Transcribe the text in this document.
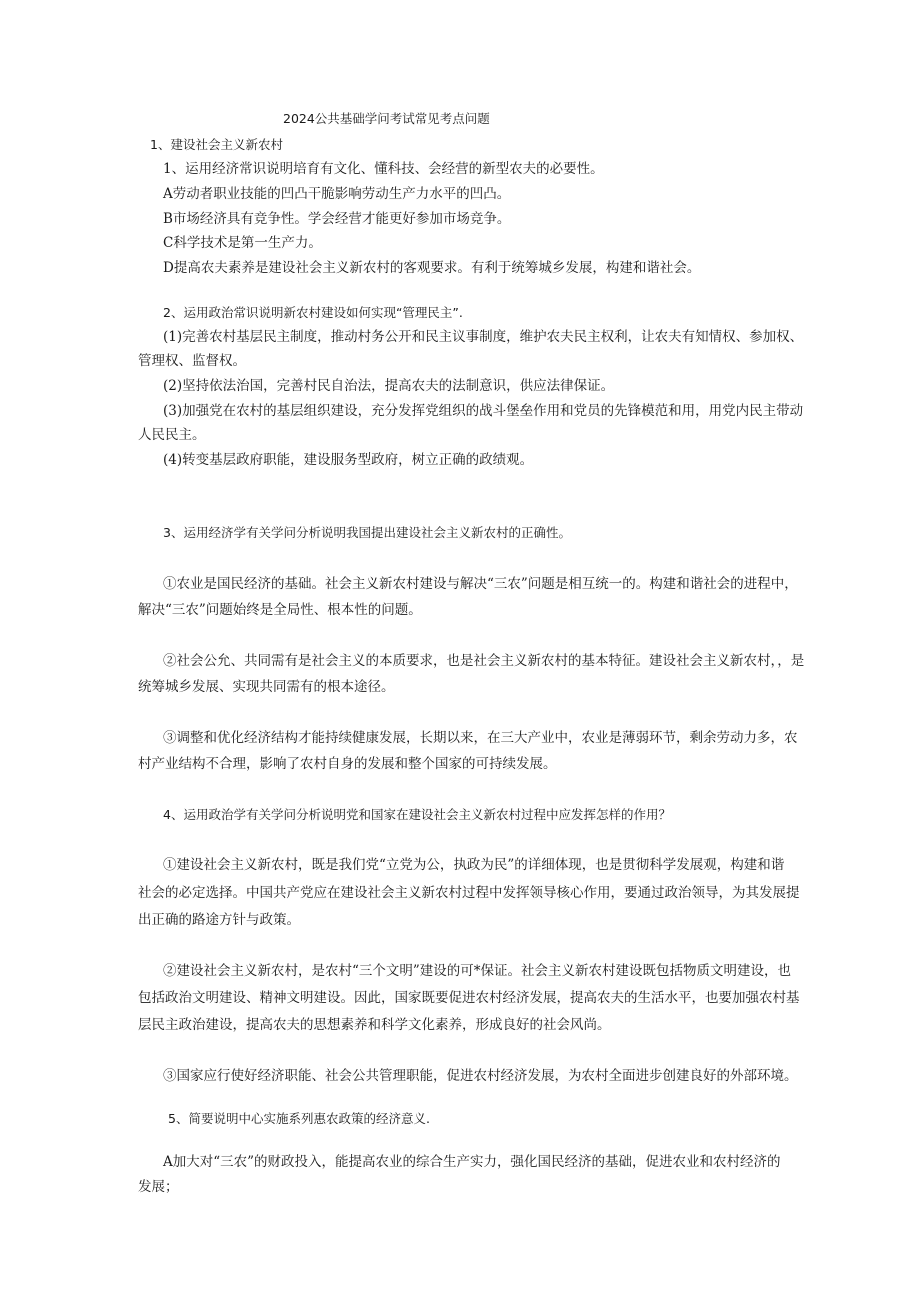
2024公共基础学问考试常见考点问题
1、建设社会主义新农村
1、运用经济常识说明培育有文化、懂科技、会经营的新型农夫的必要性。
A劳动者职业技能的凹凸干脆影响劳动生产力水平的凹凸。
B市场经济具有竞争性。学会经营才能更好参加市场竞争。
C科学技术是第一生产力。
D提高农夫素养是建设社会主义新农村的客观要求。有利于统筹城乡发展，构建和谐社会。
2、运用政治常识说明新农村建设如何实现“管理民主”.
(1)完善农村基层民主制度，推动村务公开和民主议事制度，维护农夫民主权利，让农夫有知情权、参加权、
管理权、监督权。
(2)坚持依法治国，完善村民自治法，提高农夫的法制意识，供应法律保证。
(3)加强党在农村的基层组织建设，充分发挥党组织的战斗堡垒作用和党员的先锋模范和用，用党内民主带动
人民民主。
(4)转变基层政府职能，建设服务型政府，树立正确的政绩观。
3、运用经济学有关学问分析说明我国提出建设社会主义新农村的正确性。
①农业是国民经济的基础。社会主义新农村建设与解决“三农”问题是相互统一的。构建和谐社会的进程中，
解决“三农”问题始终是全局性、根本性的问题。
②社会公允、共同需有是社会主义的本质要求，也是社会主义新农村的基本特征。建设社会主义新农村，，是
统筹城乡发展、实现共同需有的根本途径。
③调整和优化经济结构才能持续健康发展，长期以来，在三大产业中，农业是薄弱环节，剩余劳动力多，农
村产业结构不合理，影响了农村自身的发展和整个国家的可持续发展。
4、运用政治学有关学问分析说明党和国家在建设社会主义新农村过程中应发挥怎样的作用？
①建设社会主义新农村，既是我们党“立党为公，执政为民”的详细体现，也是贯彻科学发展观，构建和谐
社会的必定选择。中国共产党应在建设社会主义新农村过程中发挥领导核心作用，要通过政治领导，为其发展提
出正确的路途方针与政策。
②建设社会主义新农村，是农村“三个文明”建设的可*保证。社会主义新农村建设既包括物质文明建设，也
包括政治文明建设、精神文明建设。因此，国家既要促进农村经济发展，提高农夫的生活水平，也要加强农村基
层民主政治建设，提高农夫的思想素养和科学文化素养，形成良好的社会风尚。
③国家应行使好经济职能、社会公共管理职能，促进农村经济发展，为农村全面进步创建良好的外部环境。
5、简要说明中心实施系列惠农政策的经济意义.
A加大对“三农”的财政投入，能提高农业的综合生产实力，强化国民经济的基础，促进农业和农村经济的
发展；
